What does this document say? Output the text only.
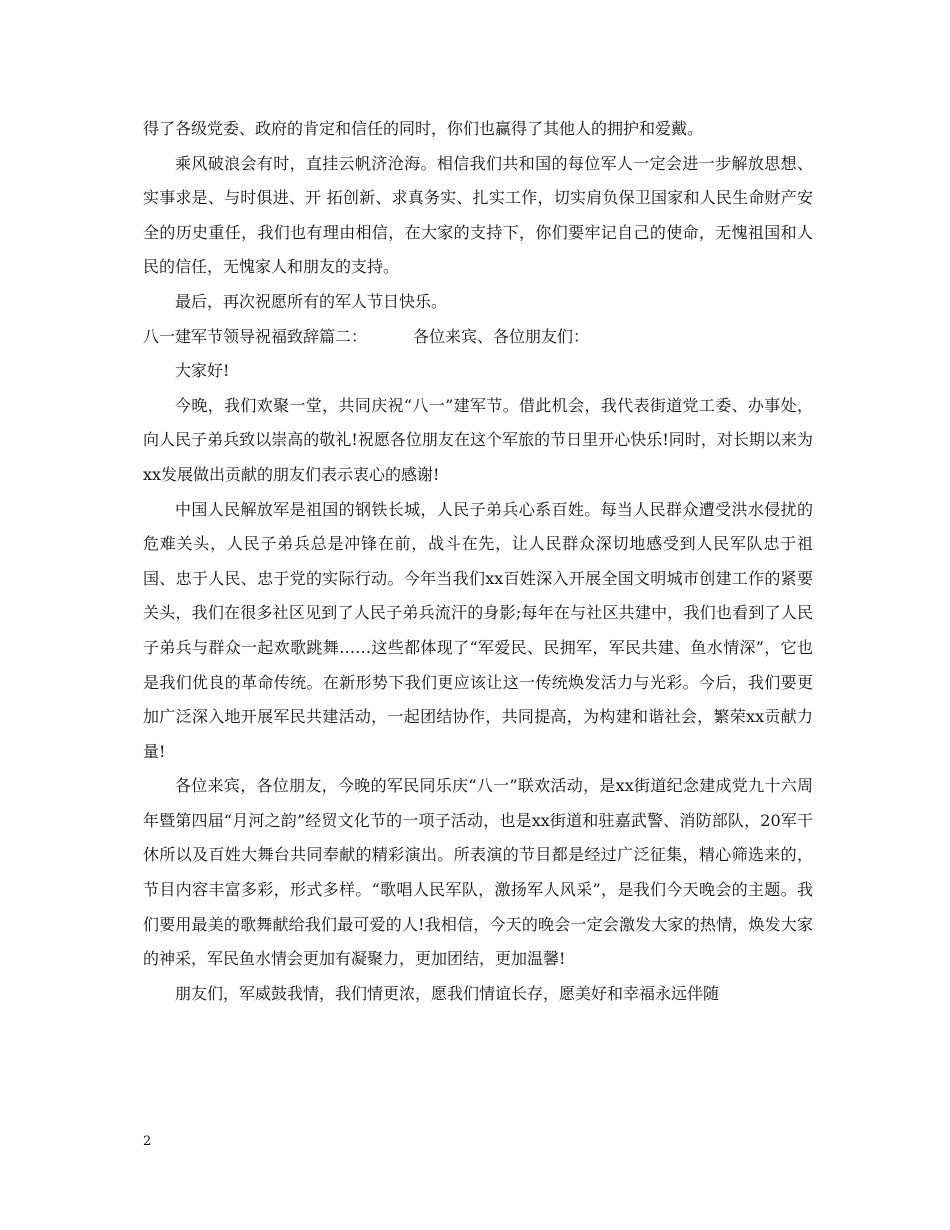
得了各级党委、政府的肯定和信任的同时，你们也赢得了其他人的拥护和爱戴。

乘风破浪会有时，直挂云帆济沧海。相信我们共和国的每位军人一定会进一步解放思想、实事求是、与时俱进、开 拓创新、求真务实、扎实工作，切实肩负保卫国家和人民生命财产安全的历史重任，我们也有理由相信，在大家的支持下，你们要牢记自己的使命，无愧祖国和人民的信任，无愧家人和朋友的支持。

最后，再次祝愿所有的军人节日快乐。

八一建军节领导祝福致辞篇二：	各位来宾、各位朋友们：

大家好!

今晚，我们欢聚一堂，共同庆祝“八一”建军节。借此机会，我代表街道党工委、办事处，向人民子弟兵致以崇高的敬礼!祝愿各位朋友在这个军旅的节日里开心快乐!同时，对长期以来为xx发展做出贡献的朋友们表示衷心的感谢!

中国人民解放军是祖国的钢铁长城，人民子弟兵心系百姓。每当人民群众遭受洪水侵扰的危难关头，人民子弟兵总是冲锋在前，战斗在先，让人民群众深切地感受到人民军队忠于祖国、忠于人民、忠于党的实际行动。今年当我们xx百姓深入开展全国文明城市创建工作的紧要关头，我们在很多社区见到了人民子弟兵流汗的身影;每年在与社区共建中，我们也看到了人民子弟兵与群众一起欢歌跳舞……这些都体现了“军爱民、民拥军，军民共建、鱼水情深”，它也是我们优良的革命传统。在新形势下我们更应该让这一传统焕发活力与光彩。今后，我们要更加广泛深入地开展军民共建活动，一起团结协作，共同提高，为构建和谐社会，繁荣xx贡献力量!

各位来宾，各位朋友，今晚的军民同乐庆“八一”联欢活动，是xx街道纪念建成党九十六周年暨第四届“月河之韵”经贸文化节的一项子活动，也是xx街道和驻嘉武警、消防部队，20军干休所以及百姓大舞台共同奉献的精彩演出。所表演的节目都是经过广泛征集，精心筛选来的，节目内容丰富多彩，形式多样。“歌唱人民军队，激扬军人风采”，是我们今天晚会的主题。我们要用最美的歌舞献给我们最可爱的人!我相信，今天的晚会一定会激发大家的热情，焕发大家的神采，军民鱼水情会更加有凝聚力，更加团结，更加温馨!

朋友们，军威鼓我情，我们情更浓，愿我们情谊长存，愿美好和幸福永远伴随

2
